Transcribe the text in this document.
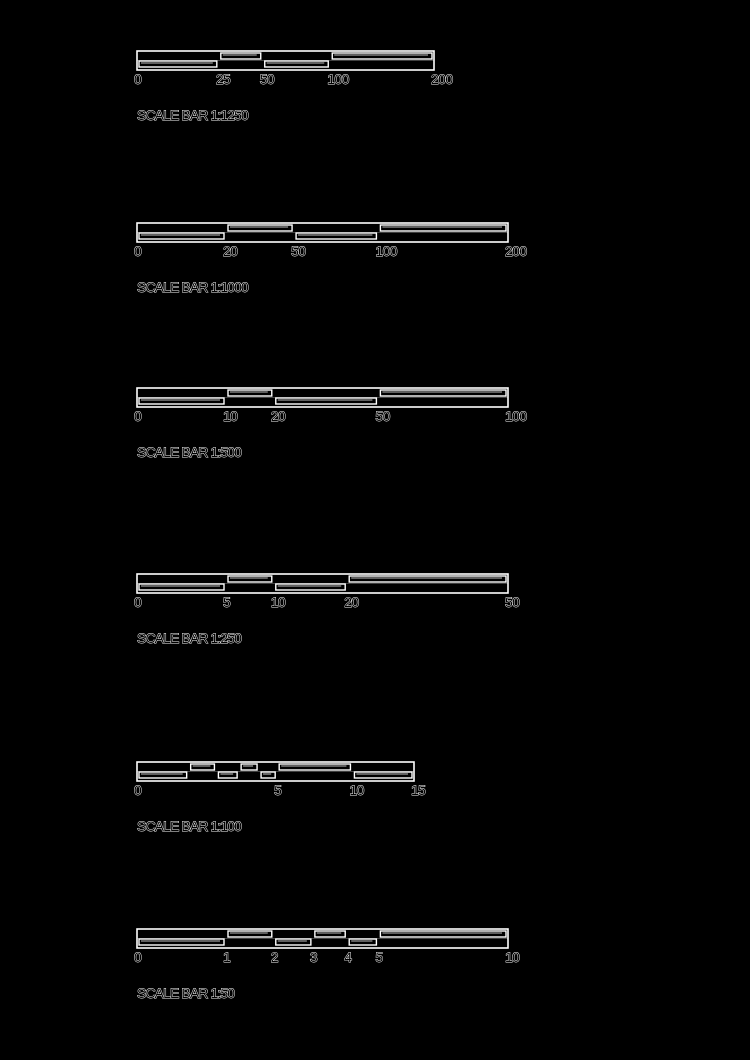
0	25 50	100	200
SCALE BAR 1:1250
0	20	50	100	200
SCALE BAR 1:1000
0	10 20	50	100
SCALE BAR 1:500
0	5	10	20	50
SCALE BAR 1:250
0	5	10	15
SCALE BAR 1:100
0	1	2 3 4 5	10
SCALE BAR 1:50
